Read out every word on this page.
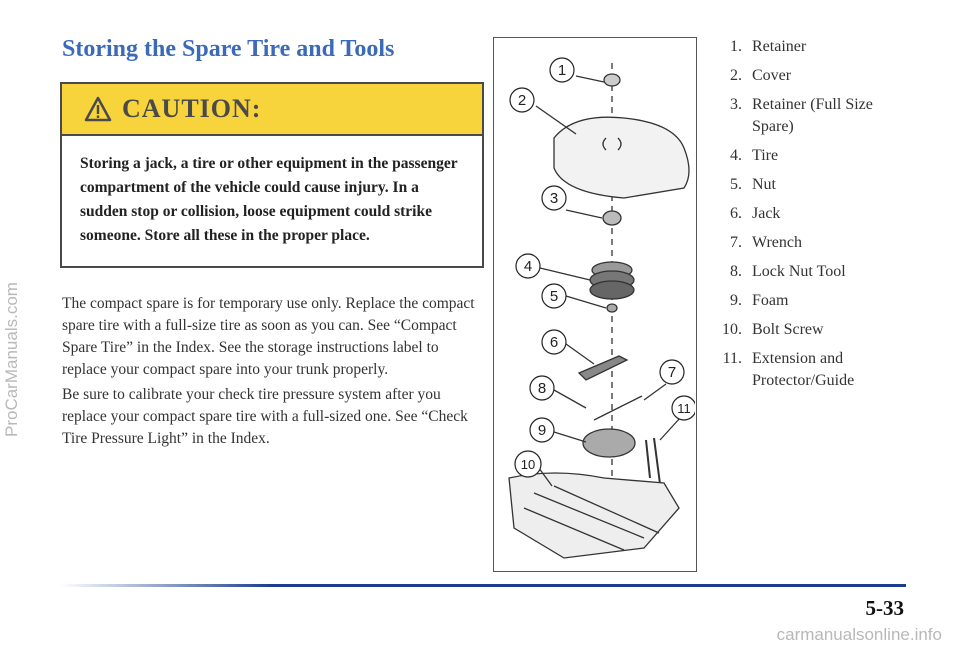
ProCarManuals.com
carmanualsonline.info
Storing the Spare Tire and Tools
CAUTION:
Storing a jack, a tire or other equipment in the passenger compartment of the vehicle could cause injury. In a sudden stop or collision, loose equipment could strike someone. Store all these in the proper place.

The compact spare is for temporary use only. Replace the compact spare tire with a full-size tire as soon as you can. See “Compact Spare Tire” in the Index. See the storage instructions label to replace your compact spare into your trunk properly.

Be sure to calibrate your check tire pressure system after you replace your compact spare tire with a full-sized one. See “Check Tire Pressure Light” in the Index.

1
2
3
4
5
6
7
8
9
11
10
1. Retainer
2. Cover
3. Retainer (Full Size Spare)
4. Tire
5. Nut
6. Jack
7. Wrench
8. Lock Nut Tool
9. Foam
10. Bolt Screw
11. Extension and Protector/Guide
5-33
